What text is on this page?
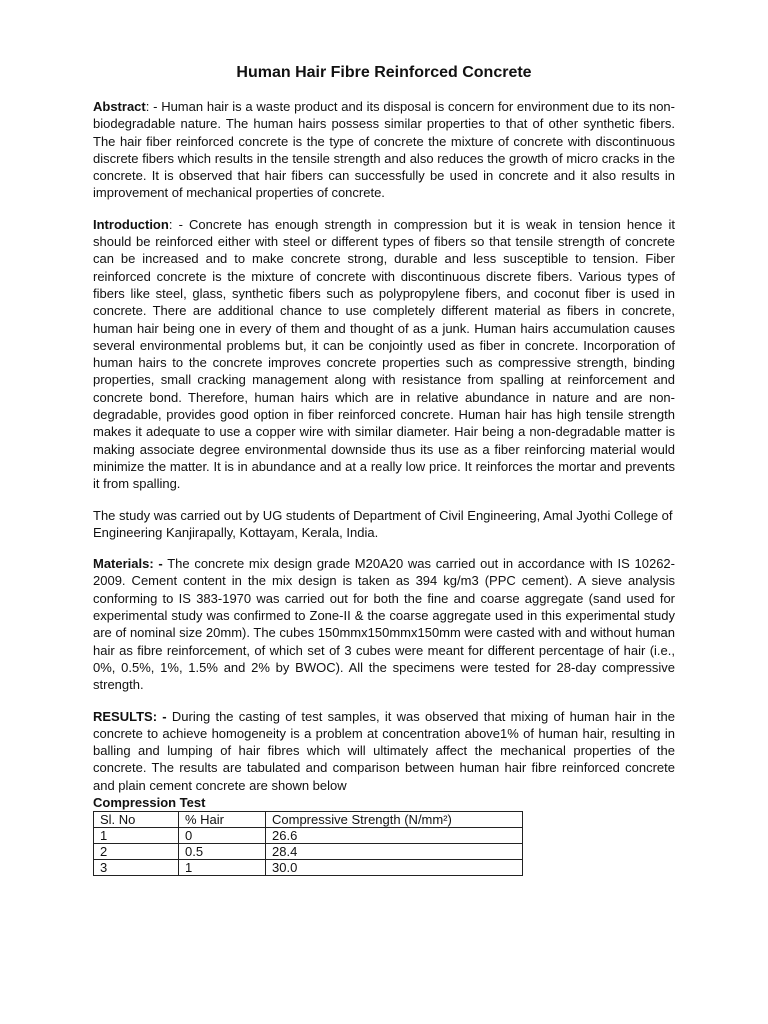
Human Hair Fibre Reinforced Concrete

Abstract: - Human hair is a waste product and its disposal is concern for environment due to its non-biodegradable nature. The human hairs possess similar properties to that of other synthetic fibers. The hair fiber reinforced concrete is the type of concrete the mixture of concrete with discontinuous discrete fibers which results in the tensile strength and also reduces the growth of micro cracks in the concrete. It is observed that hair fibers can successfully be used in concrete and it also results in improvement of mechanical properties of concrete.

Introduction: - Concrete has enough strength in compression but it is weak in tension hence it should be reinforced either with steel or different types of fibers so that tensile strength of concrete can be increased and to make concrete strong, durable and less susceptible to tension. Fiber reinforced concrete is the mixture of concrete with discontinuous discrete fibers. Various types of fibers like steel, glass, synthetic fibers such as polypropylene fibers, and coconut fiber is used in concrete. There are additional chance to use completely different material as fibers in concrete, human hair being one in every of them and thought of as a junk. Human hairs accumulation causes several environmental problems but, it can be conjointly used as fiber in concrete. Incorporation of human hairs to the concrete improves concrete properties such as compressive strength, binding properties, small cracking management along with resistance from spalling at reinforcement and concrete bond. Therefore, human hairs which are in relative abundance in nature and are non-degradable, provides good option in fiber reinforced concrete. Human hair has high tensile strength makes it adequate to use a copper wire with similar diameter. Hair being a non-degradable matter is making associate degree environmental downside thus its use as a fiber reinforcing material would minimize the matter. It is in abundance and at a really low price. It reinforces the mortar and prevents it from spalling.

The study was carried out by UG students of Department of Civil Engineering, Amal Jyothi College of Engineering Kanjirapally, Kottayam, Kerala, India.

Materials: - The concrete mix design grade M20A20 was carried out in accordance with IS 10262-2009. Cement content in the mix design is taken as 394 kg/m3 (PPC cement). A sieve analysis conforming to IS 383-1970 was carried out for both the fine and coarse aggregate (sand used for experimental study was confirmed to Zone-II & the coarse aggregate used in this experimental study are of nominal size 20mm). The cubes 150mmx150mmx150mm were casted with and without human hair as fibre reinforcement, of which set of 3 cubes were meant for different percentage of hair (i.e., 0%, 0.5%, 1%, 1.5% and 2% by BWOC). All the specimens were tested for 28-day compressive strength.

RESULTS: - During the casting of test samples, it was observed that mixing of human hair in the concrete to achieve homogeneity is a problem at concentration above1% of human hair, resulting in balling and lumping of hair fibres which will ultimately affect the mechanical properties of the concrete. The results are tabulated and comparison between human hair fibre reinforced concrete and plain cement concrete are shown below

Compression Test
Sl. No	% Hair	Compressive Strength (N/mm²)
1	0	26.6
2	0.5	28.4
3	1	30.0
